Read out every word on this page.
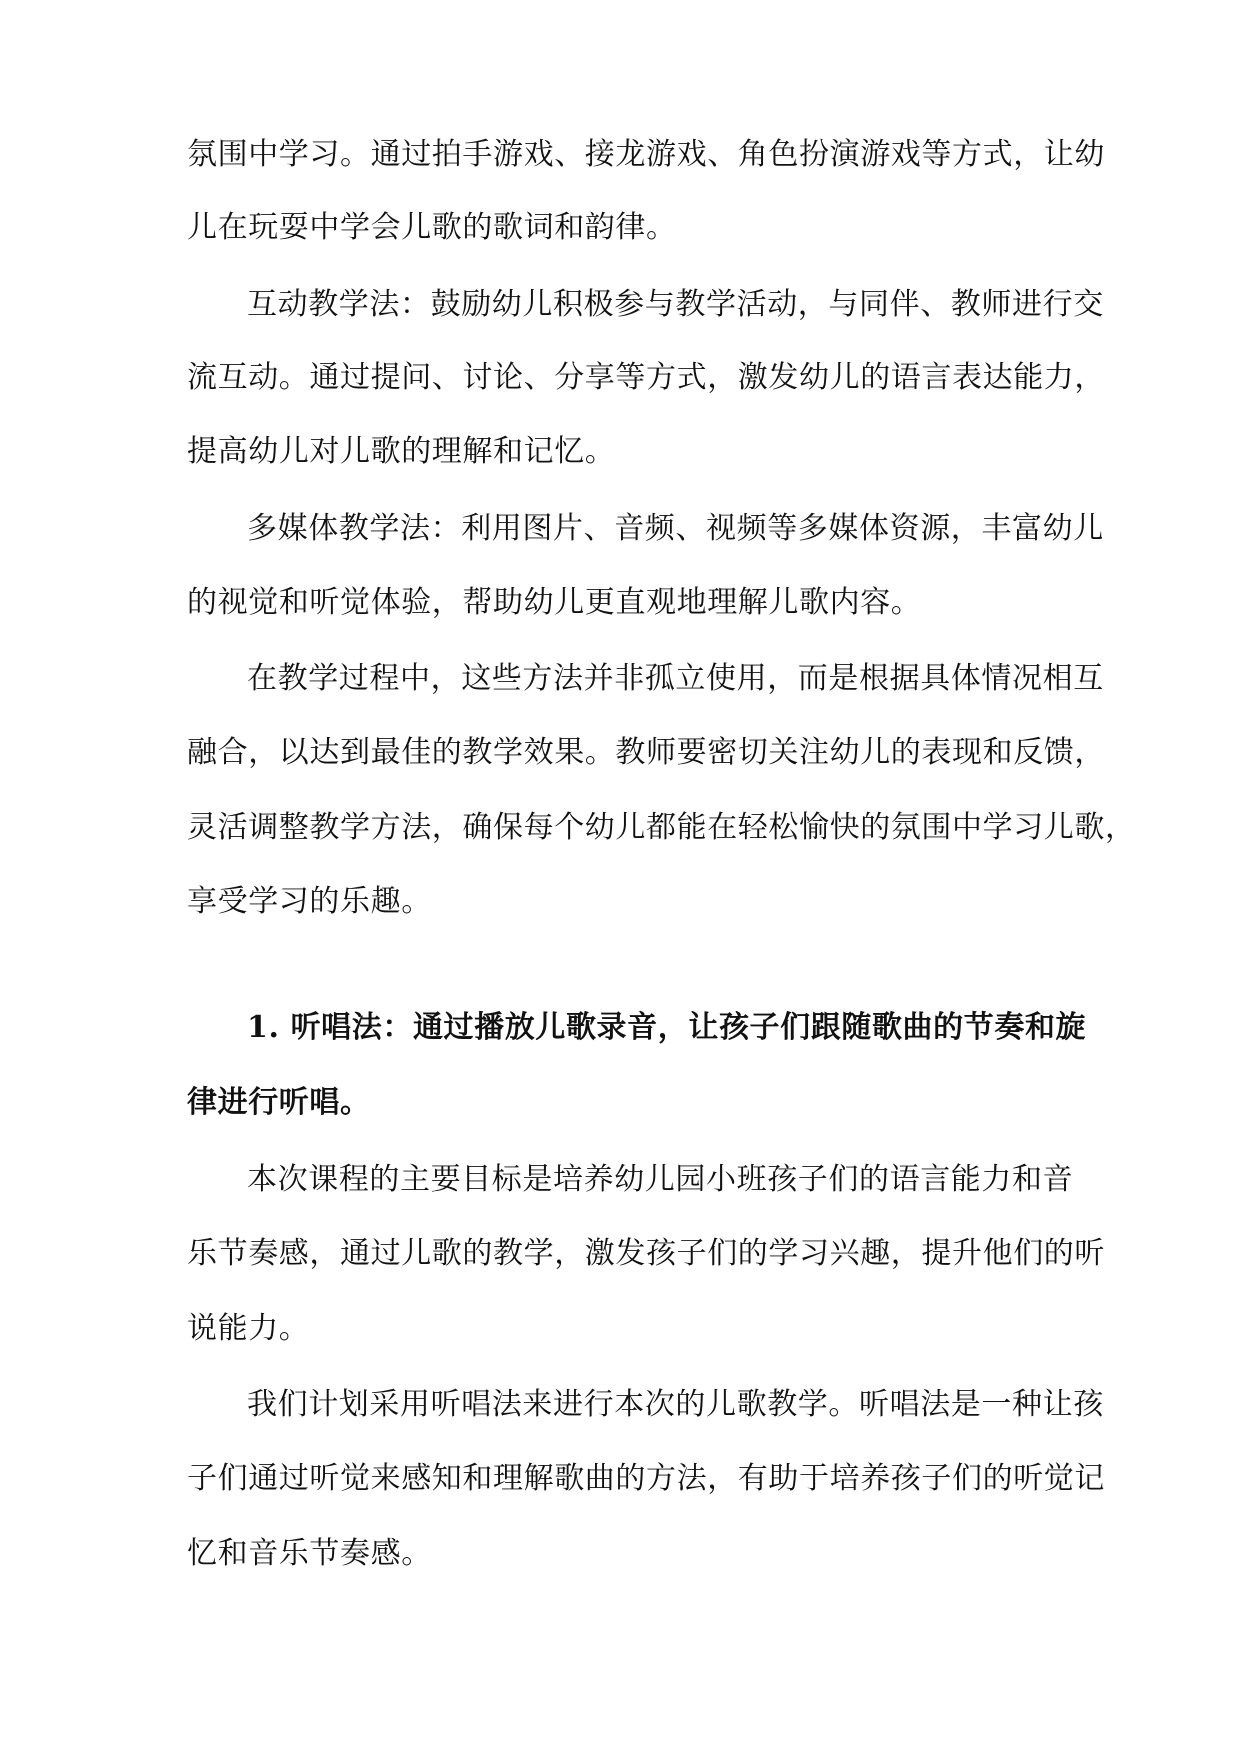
氛围中学习。通过拍手游戏、接龙游戏、角色扮演游戏等方式，让幼
儿在玩耍中学会儿歌的歌词和韵律。
互动教学法：鼓励幼儿积极参与教学活动，与同伴、教师进行交
流互动。通过提问、讨论、分享等方式，激发幼儿的语言表达能力，
提高幼儿对儿歌的理解和记忆。
多媒体教学法：利用图片、音频、视频等多媒体资源，丰富幼儿
的视觉和听觉体验，帮助幼儿更直观地理解儿歌内容。
在教学过程中，这些方法并非孤立使用，而是根据具体情况相互
融合，以达到最佳的教学效果。教师要密切关注幼儿的表现和反馈，
灵活调整教学方法，确保每个幼儿都能在轻松愉快的氛围中学习儿歌，
享受学习的乐趣。
1. 听唱法：通过播放儿歌录音，让孩子们跟随歌曲的节奏和旋
律进行听唱。
本次课程的主要目标是培养幼儿园小班孩子们的语言能力和音
乐节奏感，通过儿歌的教学，激发孩子们的学习兴趣，提升他们的听
说能力。
我们计划采用听唱法来进行本次的儿歌教学。听唱法是一种让孩
子们通过听觉来感知和理解歌曲的方法，有助于培养孩子们的听觉记
忆和音乐节奏感。
